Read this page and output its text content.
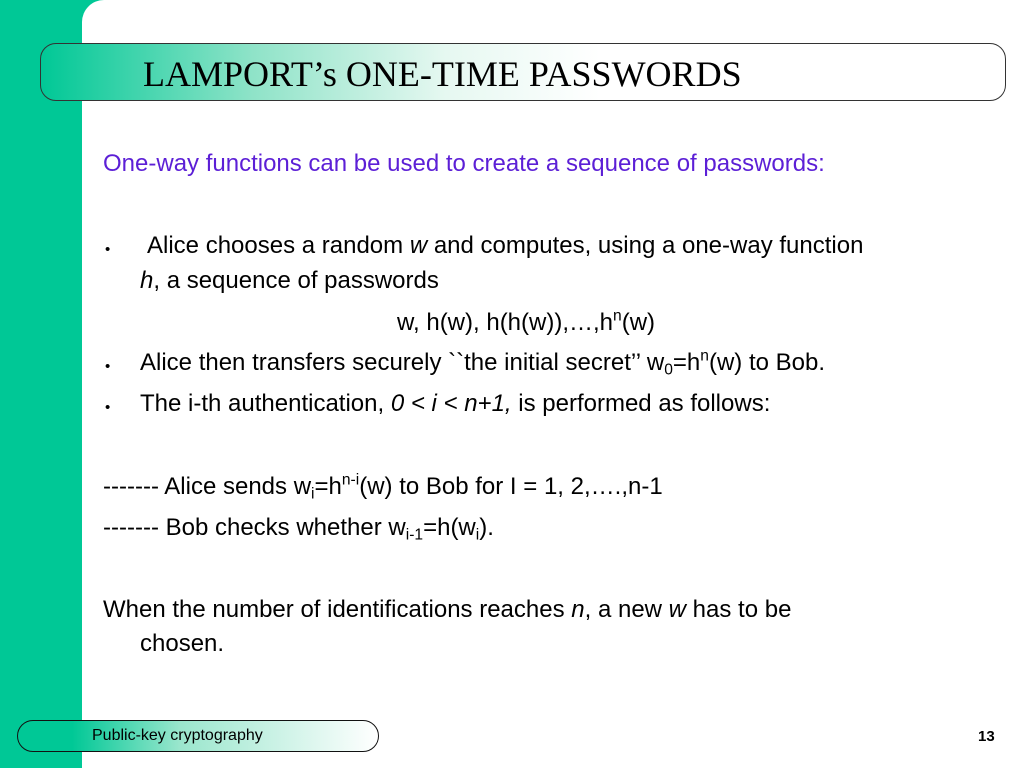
LAMPORT’s ONE-TIME PASSWORDS
One-way functions can be used to create a sequence of passwords:
• Alice chooses a random w and computes, using a one-way function
h, a sequence of passwords
w, h(w), $h(h(w)),\dots,h^n(w)$
• Alice then transfers securely ``the initial secret’’ $w_0=h^n(w)$ to Bob.
• The i-th authentication, 0 < i < n+1, is performed as follows:
------- Alice sends $w_i=h^{n-i}(w)$ to Bob for I = 1, 2,….,n-1
------- Bob checks whether $w_{i-1}=h(w_i)$.
When the number of identifications reaches n, a new w has to be
chosen.
Public-key cryptography	13
